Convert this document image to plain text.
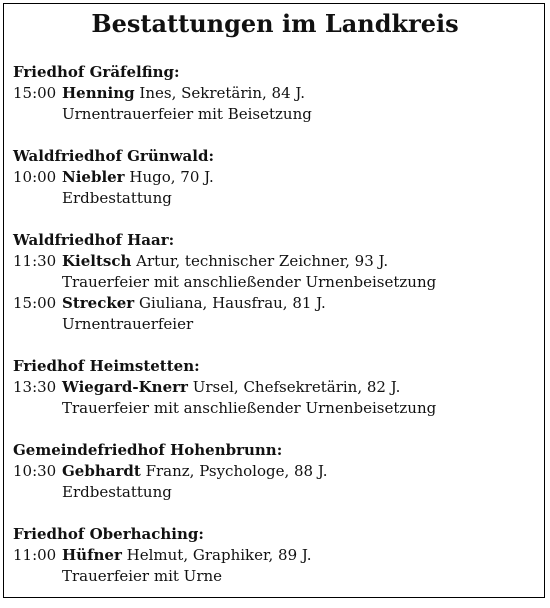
Bestattungen im Landkreis
Friedhof Gräfelfing:
15:00 Henning Ines, Sekretärin, 84 J.
Urnentrauerfeier mit Beisetzung
Waldfriedhof Grünwald:
10:00 Niebler Hugo, 70 J.
Erdbestattung
Waldfriedhof Haar:
11:30 Kieltsch Artur, technischer Zeichner, 93 J.
Trauerfeier mit anschließender Urnenbeisetzung
15:00 Strecker Giuliana, Hausfrau, 81 J.
Urnentrauerfeier
Friedhof Heimstetten:
13:30 Wiegard-Knerr Ursel, Chefsekretärin, 82 J.
Trauerfeier mit anschließender Urnenbeisetzung
Gemeindefriedhof Hohenbrunn:
10:30 Gebhardt Franz, Psychologe, 88 J.
Erdbestattung
Friedhof Oberhaching:
11:00 Hüfner Helmut, Graphiker, 89 J.
Trauerfeier mit Urne
